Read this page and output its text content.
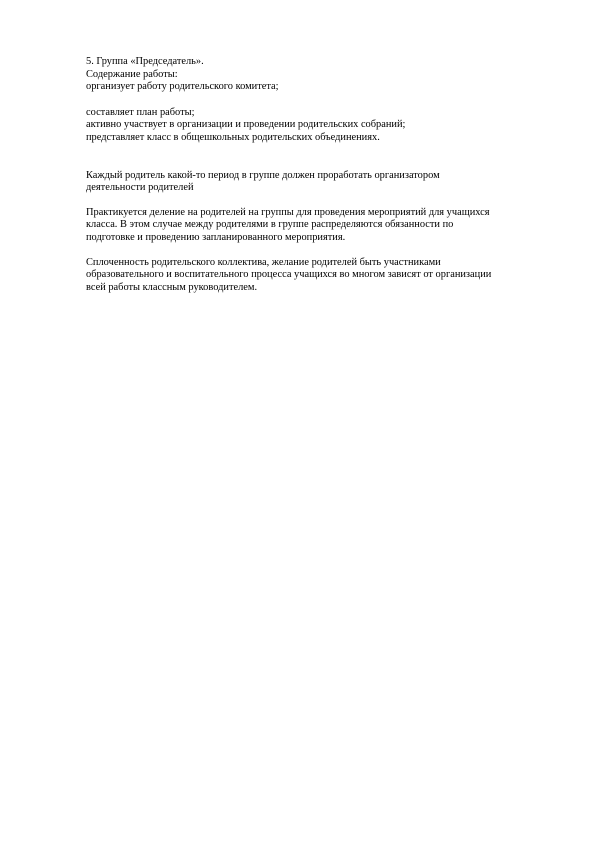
5. Группа «Председатель».
Содержание работы:
организует работу родительского комитета;
составляет план работы;
активно участвует в организации и проведении родительских собраний;
представляет класс в общешкольных родительских объединениях.
Каждый родитель какой-то период в группе должен проработать организатором
деятельности родителей
Практикуется деление на родителей на группы для проведения мероприятий для учащихся
класса. В этом случае между родителями в группе распределяются обязанности по
подготовке и проведению запланированного мероприятия.
Сплоченность родительского коллектива, желание родителей быть участниками
образовательного и воспитательного процесса учащихся во многом зависят от организации
всей работы классным руководителем.
